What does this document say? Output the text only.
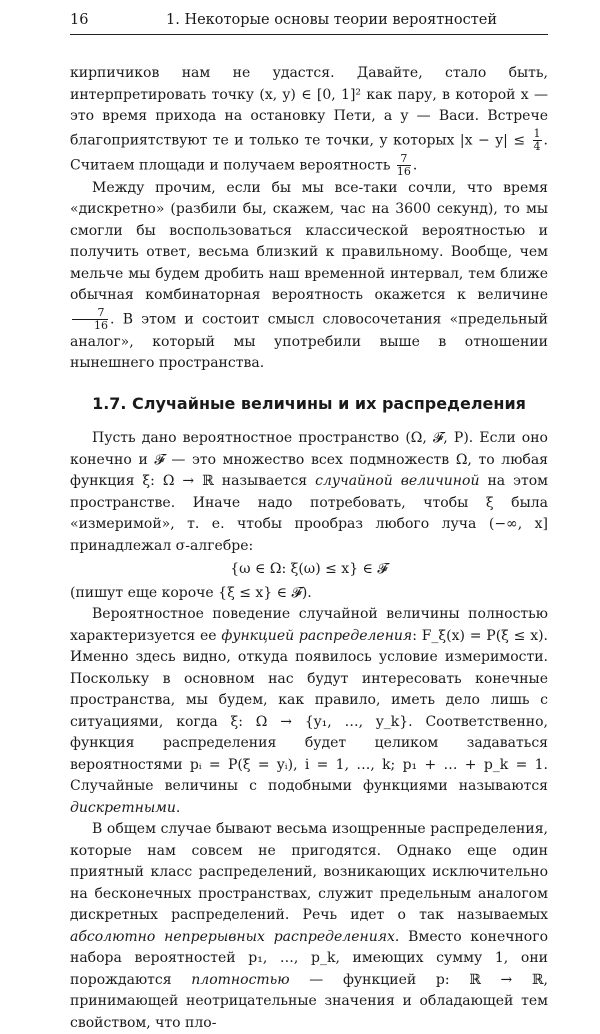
16	1. Некоторые основы теории вероятностей

кирпичиков нам не удастся. Давайте, стало быть, интерпретировать точку (x, y) ∈ [0, 1]² как пару, в которой x — это время прихода на остановку Пети, а y — Васи. Встрече благоприятствуют те и только те точки, у которых $|x - y| \le \frac{1}{4}$ . Считаем площади и получаем вероятность $\frac{7}{16}$ .

Между прочим, если бы мы все-таки сочли, что время «дискретно» (разбили бы, скажем, час на 3600 секунд), то мы смогли бы воспользоваться классической вероятностью и получить ответ, весьма близкий к правильному. Вообще, чем мельче мы будем дробить наш временной интервал, тем ближе обычная комбинаторная вероятность окажется к величине
$\frac{7}{16}$ . В этом и состоит смысл словосочетания «предельный аналог», который мы употребили выше в отношении нынешнего пространства.

1.7. Случайные величины и их распределения

Пусть дано вероятностное пространство (Ω, 𝓕, P). Если оно конечно и 𝓕 — это множество всех подмножеств Ω, то любая функция ξ: Ω → ℝ называется случайной величиной на этом пространстве. Иначе надо потребовать, чтобы ξ была «измеримой», т. е. чтобы прообраз любого луча (−∞, x] принадлежал σ-алгебре:

{ω ∈ Ω: ξ(ω) ≤ x} ∈ 𝓕

(пишут еще короче {ξ ≤ x} ∈ 𝓕).

Вероятностное поведение случайной величины полностью характеризуется ее функцией распределения: F_ξ(x) = P(ξ ≤ x). Именно здесь видно, откуда появилось условие измеримости. Поскольку в основном нас будут интересовать конечные пространства, мы будем, как правило, иметь дело лишь с ситуациями, когда ξ: Ω → {y₁, …, y_k}. Соответственно, функция распределения будет целиком задаваться вероятностями pᵢ = P(ξ = yᵢ), i = 1, …, k; p₁ + … + p_k = 1. Случайные величины с подобными функциями называются дискретными.

В общем случае бывают весьма изощренные распределения, которые нам совсем не пригодятся. Однако еще один приятный класс распределений, возникающих исключительно на бесконечных пространствах, служит предельным аналогом дискретных распределений. Речь идет о так называемых абсолютно непрерывных распределениях. Вместо конечного набора вероятностей p₁, …, p_k, имеющих сумму 1, они порождаются плотностью — функцией p: ℝ → ℝ, принимающей неотрицательные значения и обладающей тем свойством, что пло-
